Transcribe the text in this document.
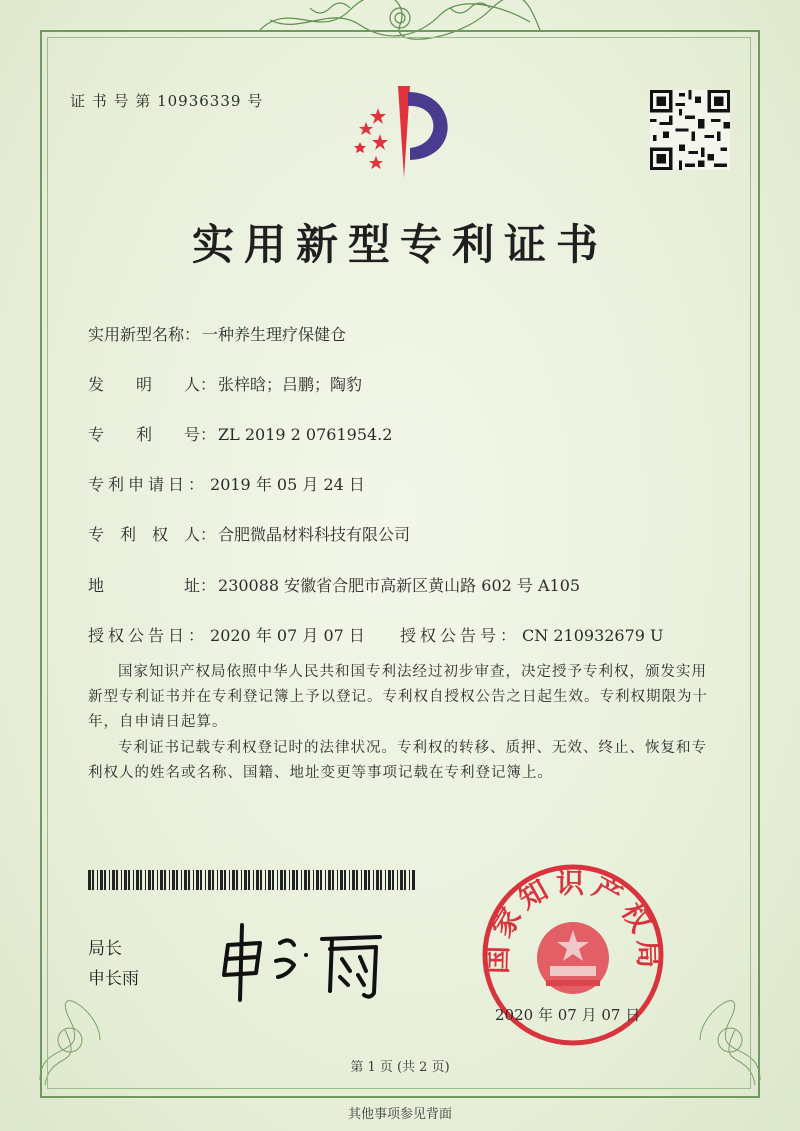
证 书 号 第 10936339 号
实用新型专利证书
实用新型名称： 一种养生理疗保健仓
发　　明　　人： 张梓晗；吕鹏；陶豹
专　　利　　号： ZL 2019 2 0761954.2
专利申请日： 2019 年 05 月 24 日
专　利　权　人： 合肥微晶材料科技有限公司
地　　　　　址： 230088 安徽省合肥市高新区黄山路 602 号 A105
授权公告日： 2020 年 07 月 07 日 授权公告号： CN 210932679 U
国家知识产权局依照中华人民共和国专利法经过初步审查，决定授予专利权，颁发实用新型专利证书并在专利登记簿上予以登记。专利权自授权公告之日起生效。专利权期限为十年，自申请日起算。
专利证书记载专利权登记时的法律状况。专利权的转移、质押、无效、终止、恢复和专利权人的姓名或名称、国籍、地址变更等事项记载在专利登记簿上。
局长
申长雨
国家知识产权局
2020 年 07 月 07 日
第 1 页 (共 2 页)
其他事项参见背面
